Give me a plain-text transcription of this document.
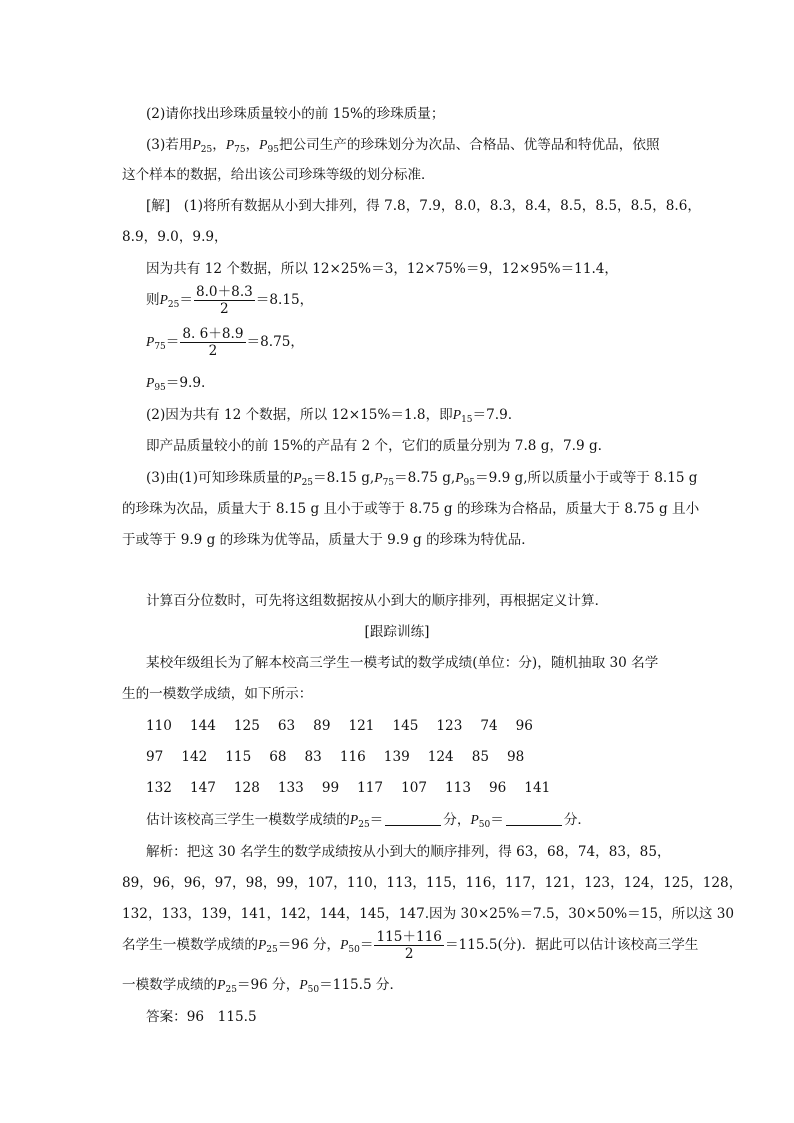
(2)请你找出珍珠质量较小的前 15%的珍珠质量；
(3)若用$P_{25}$，$P_{75}$，$P_{95}$把公司生产的珍珠划分为次品、合格品、优等品和特优品，依照
这个样本的数据，给出该公司珍珠等级的划分标准．
[解]　(1)将所有数据从小到大排列，得 7.8，7.9，8.0，8.3，8.4，8.5，8.5，8.5，8.6，
8.9，9.0，9.9，
因为共有 12 个数据，所以 12×25%＝3，12×75%＝9，12×95%＝11.4，
则$P_{25}= \frac{8.0+8.3}{2} =8.15$，
$P_{75}= \frac{8. 6+8.9}{2} =8.75$，
$P_{95}=9.9$.
(2)因为共有 12 个数据，所以 12×15%＝1.8，即$P_{15}=7.9$.
即产品质量较小的前 15%的产品有 2 个，它们的质量分别为 7.8 g，7.9 g.
(3)由(1)可知珍珠质量的$P_{25}=8.15$ $g,P_{75}=8.75$ $g,P_{95}=9.9$ g,所以质量小于或等于 8.15 g
的珍珠为次品，质量大于 8.15 g 且小于或等于 8.75 g 的珍珠为合格品，质量大于 8.75 g 且小
于或等于 9.9 g 的珍珠为优等品，质量大于 9.9 g 的珍珠为特优品．
计算百分位数时，可先将这组数据按从小到大的顺序排列，再根据定义计算．
[跟踪训练]
某校年级组长为了解本校高三学生一模考试的数学成绩(单位：分)，随机抽取 30 名学
生的一模数学成绩，如下所示：
110 144 125 63 89 121 145 123 74 96
97 142 115 68 83 116 139 124 85 98
132 147 128 133 99 117 107 113 96 141
估计该校高三学生一模数学成绩的$P_{25}=$	分，$P_{50}=$	分．
解析：把这 30 名学生的数学成绩按从小到大的顺序排列，得 63，68，74，83，85，
89，96，96，97，98，99，107，110，113，115，116，117，121，123，124，125，128，
132，133，139，141，142，144，145，147.因为 30×25%＝7.5，30×50%＝15，所以这 30
名学生一模数学成绩的$P_{25}=96$ 分，$P_{50}= \frac{115+116}{2} =115.5$(分)．据此可以估计该校高三学生
一模数学成绩的$P_{25}=96$ 分，$P_{50}=115.5$ 分．
答案：96　115.5
